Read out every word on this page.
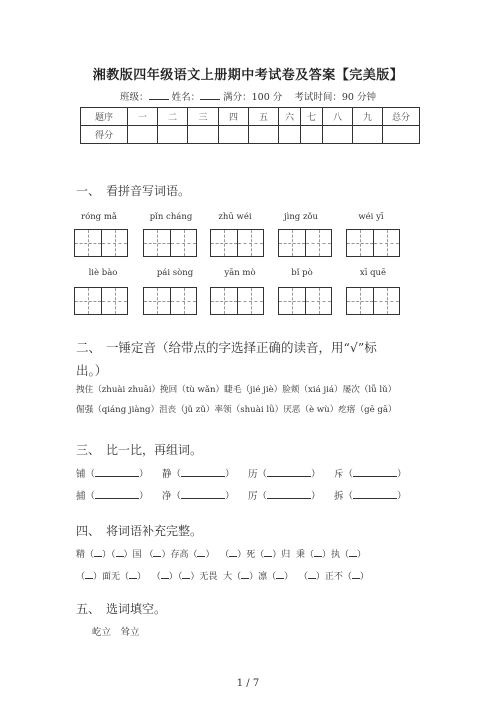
湘教版四年级语文上册期中考试卷及答案【完美版】
班级： 姓名： 满分：100 分 考试时间：90 分钟
题序	一	二	三	四	五	六	七	八	九	总分
得分										
一、 看拼音写词语。
róng mǎ	pǐn cháng	zhū wéi	jìng zǒu	wéi yī
liè bào	pái sòng	yān mò	bǐ pò	xī quē
二、 一锤定音（给带点的字选择正确的读音，用“√”标
出。）
拽住（zhuài zhuāi）挽回（tù wǎn）睫毛（jié jiè）脸颊（xiá jiá）屡次（lǚ lǔ）
倔强（qiáng jiàng）沮丧（jǔ zǔ）率领（shuài lǜ）厌恶（è wù）疙瘩（gē gā）
三、 比一比，再组词。
铺（	） 静（	） 历（	） 斥（	）
捕（	） 净（	） 厉（	） 拆（	）
四、 将词语补充完整。
精（ ）（ ）国 （ ）存高（ ） （ ）死（ ）归 秉（ ）执（ ）
（ ）面无（ ） （ ）（ ）无畏 大（ ）凛（ ） （ ）正不（ ）
五、 选词填空。
屹立　耸立
1 / 7
